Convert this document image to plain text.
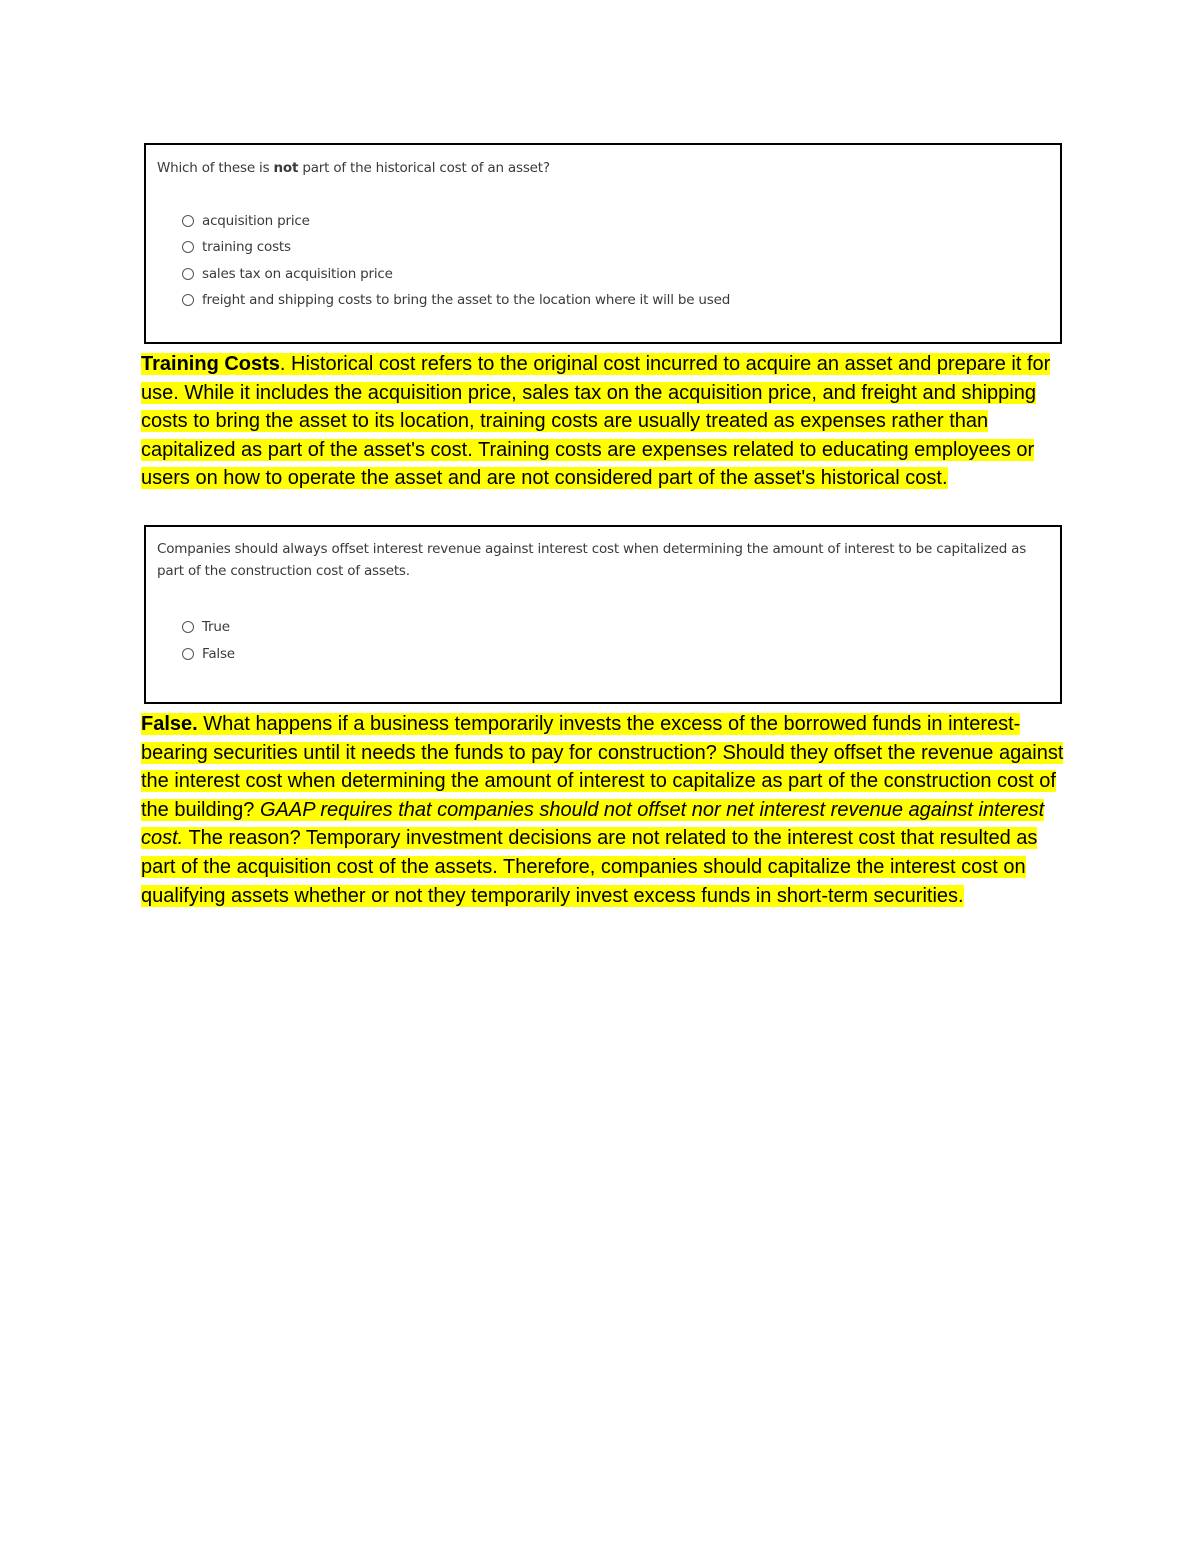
Which of these is not part of the historical cost of an asset?
acquisition price
training costs
sales tax on acquisition price
freight and shipping costs to bring the asset to the location where it will be used

Training Costs. Historical cost refers to the original cost incurred to acquire an asset and prepare it for use. While it includes the acquisition price, sales tax on the acquisition price, and freight and shipping costs to bring the asset to its location, training costs are usually treated as expenses rather than capitalized as part of the asset's cost. Training costs are expenses related to educating employees or users on how to operate the asset and are not considered part of the asset's historical cost.

Companies should always offset interest revenue against interest cost when determining the amount of interest to be capitalized as part of the construction cost of assets.
True
False

False. What happens if a business temporarily invests the excess of the borrowed funds in interest-bearing securities until it needs the funds to pay for construction? Should they offset the revenue against the interest cost when determining the amount of interest to capitalize as part of the construction cost of the building? GAAP requires that companies should not offset nor net interest revenue against interest cost. The reason? Temporary investment decisions are not related to the interest cost that resulted as part of the acquisition cost of the assets. Therefore, companies should capitalize the interest cost on qualifying assets whether or not they temporarily invest excess funds in short-term securities.
